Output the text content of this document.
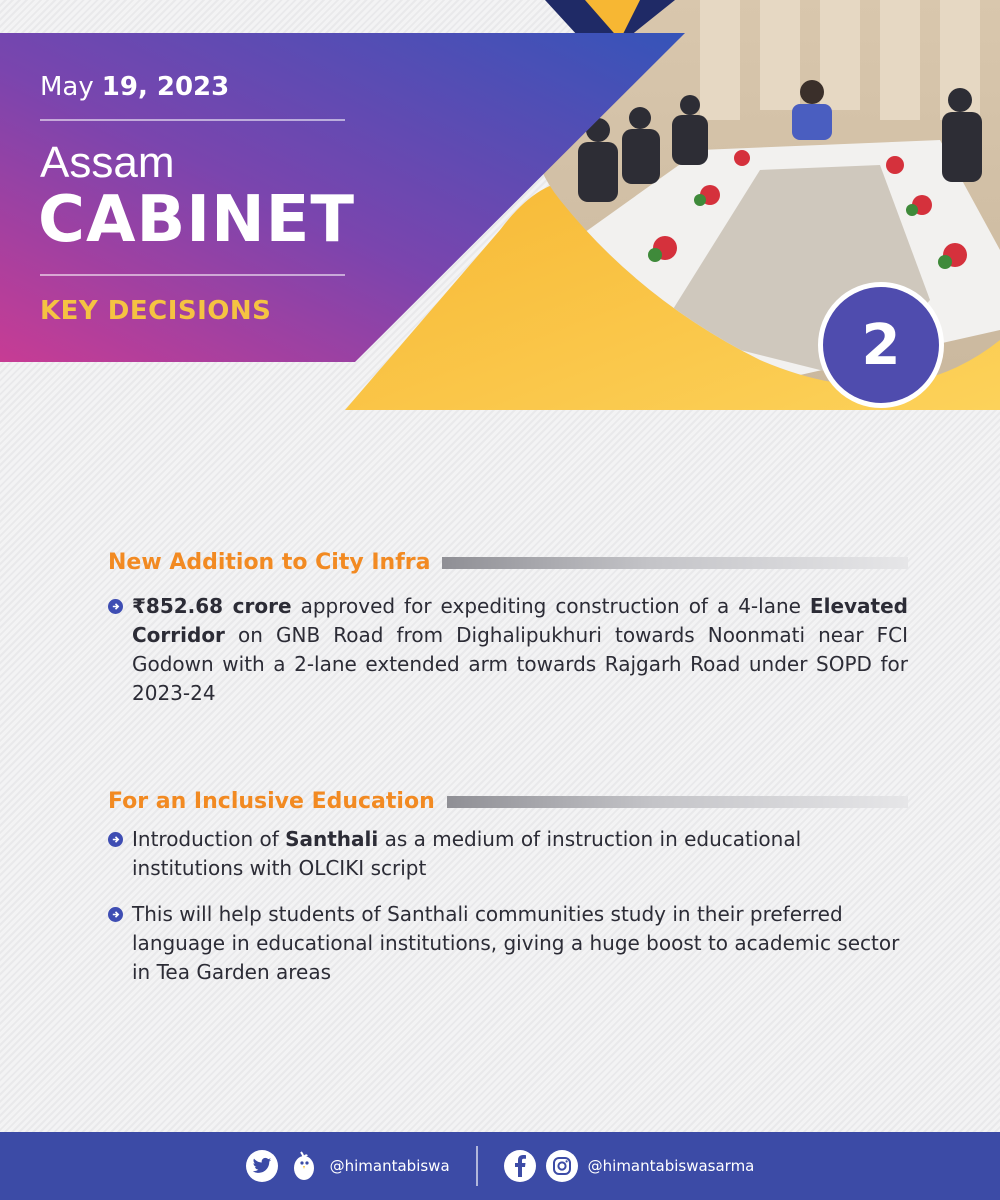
May 19, 2023
Assam
CABINET
KEY DECISIONS
2
New Addition to City Infra
₹852.68 crore approved for expediting construction of a 4-lane Elevated Corridor on GNB Road from Dighalipukhuri towards Noonmati near FCI Godown with a 2-lane extended arm towards Rajgarh Road under SOPD for 2023-24
For an Inclusive Education
Introduction of Santhali as a medium of instruction in educational institutions with OLCIKI script
This will help students of Santhali communities study in their preferred language in educational institutions, giving a huge boost to academic sector in Tea Garden areas
@himantabiswa	@himantabiswasarma
